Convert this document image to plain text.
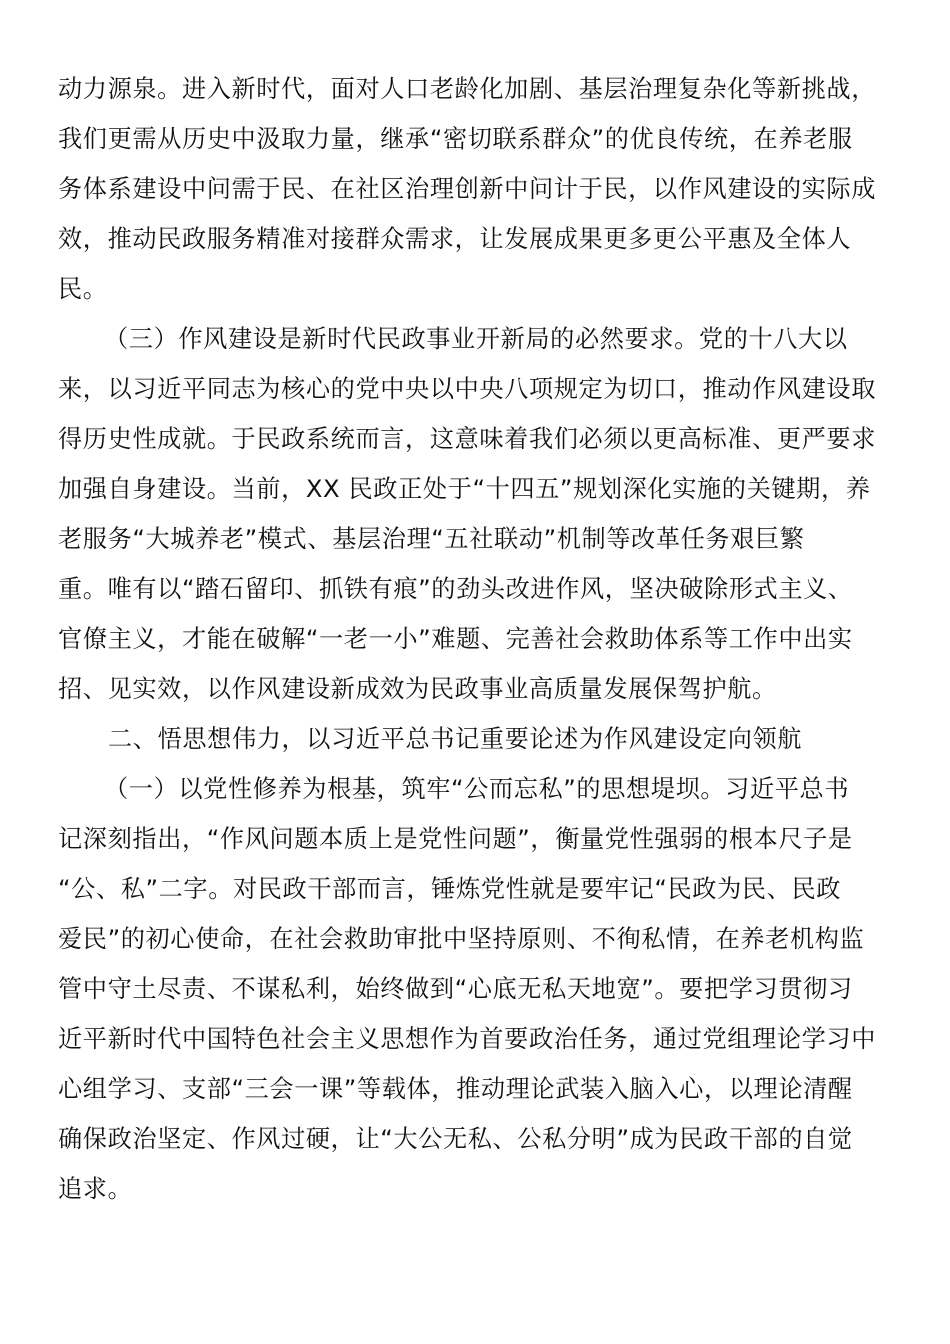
动力源泉。进入新时代，面对人口老龄化加剧、基层治理复杂化等新挑战，

我们更需从历史中汲取力量，继承“密切联系群众”的优良传统，在养老服

务体系建设中问需于民、在社区治理创新中问计于民，以作风建设的实际成

效，推动民政服务精准对接群众需求，让发展成果更多更公平惠及全体人

民。

（三）作风建设是新时代民政事业开新局的必然要求。党的十八大以

来，以习近平同志为核心的党中央以中央八项规定为切口，推动作风建设取

得历史性成就。于民政系统而言，这意味着我们必须以更高标准、更严要求

加强自身建设。当前，XX 民政正处于“十四五”规划深化实施的关键期，养

老服务“大城养老”模式、基层治理“五社联动”机制等改革任务艰巨繁

重。唯有以“踏石留印、抓铁有痕”的劲头改进作风，坚决破除形式主义、

官僚主义，才能在破解“一老一小”难题、完善社会救助体系等工作中出实

招、见实效，以作风建设新成效为民政事业高质量发展保驾护航。

二、悟思想伟力，以习近平总书记重要论述为作风建设定向领航

（一）以党性修养为根基，筑牢“公而忘私”的思想堤坝。习近平总书

记深刻指出，“作风问题本质上是党性问题”，衡量党性强弱的根本尺子是

“公、私”二字。对民政干部而言，锤炼党性就是要牢记“民政为民、民政

爱民”的初心使命，在社会救助审批中坚持原则、不徇私情，在养老机构监

管中守土尽责、不谋私利，始终做到“心底无私天地宽”。要把学习贯彻习

近平新时代中国特色社会主义思想作为首要政治任务，通过党组理论学习中

心组学习、支部“三会一课”等载体，推动理论武装入脑入心，以理论清醒

确保政治坚定、作风过硬，让“大公无私、公私分明”成为民政干部的自觉

追求。
